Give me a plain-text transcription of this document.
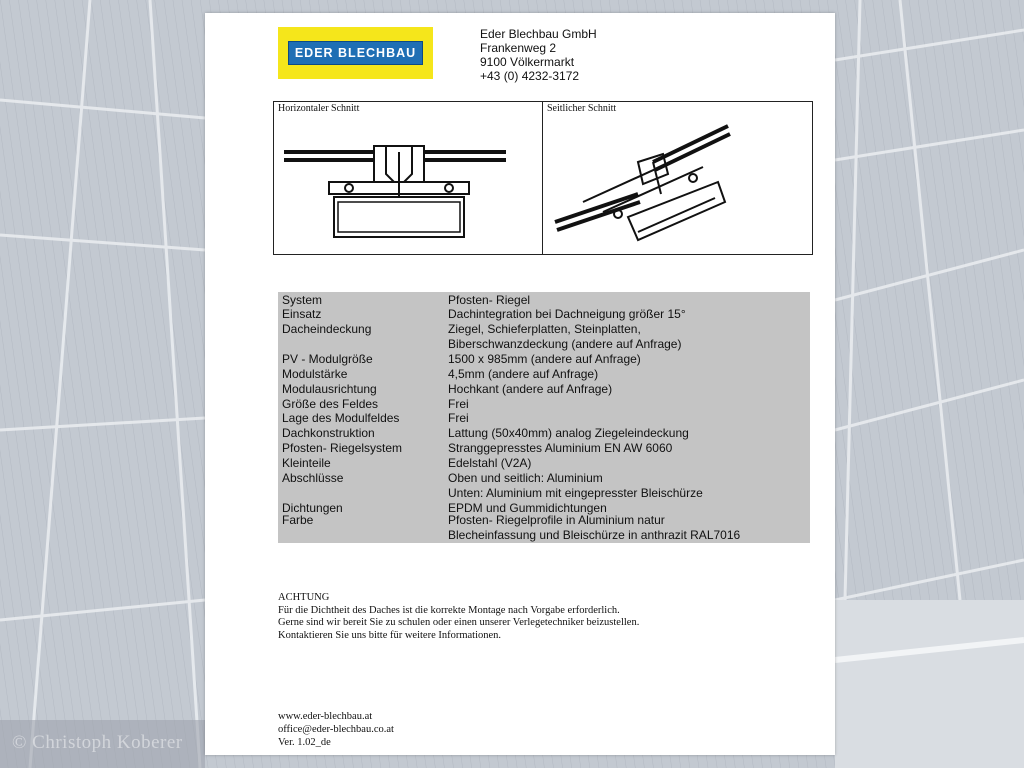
© Christoph Koberer
EDER BLECHBAU
Eder Blechbau GmbH
Frankenweg 2
9100 Völkermarkt
+43 (0) 4232-3172
Horizontaler Schnitt	Seitlicher Schnitt
System	Pfosten- Riegel
Einsatz	Dachintegration bei Dachneigung größer 15°
Dacheindeckung	Ziegel, Schieferplatten, Steinplatten,
Biberschwanzdeckung (andere auf Anfrage)
PV - Modulgröße	1500 x 985mm (andere auf Anfrage)
Modulstärke	4,5mm (andere auf Anfrage)
Modulausrichtung	Hochkant (andere auf Anfrage)
Größe des Feldes	Frei
Lage des Modulfeldes	Frei
Dachkonstruktion	Lattung (50x40mm) analog Ziegeleindeckung
Pfosten- Riegelsystem	Stranggepresstes Aluminium EN AW 6060
Kleinteile	Edelstahl (V2A)
Abschlüsse	Oben und seitlich: Aluminium
Unten: Aluminium mit eingepresster Bleischürze
Dichtungen	EPDM und Gummidichtungen
Farbe	Pfosten- Riegelprofile in Aluminium natur
Blecheinfassung und Bleischürze in anthrazit RAL7016
ACHTUNG
Für die Dichtheit des Daches ist die korrekte Montage nach Vorgabe erforderlich.
Gerne sind wir bereit Sie zu schulen oder einen unserer Verlegetechniker beizustellen.
Kontaktieren Sie uns bitte für weitere Informationen.
www.eder-blechbau.at
office@eder-blechbau.co.at
Ver. 1.02_de
